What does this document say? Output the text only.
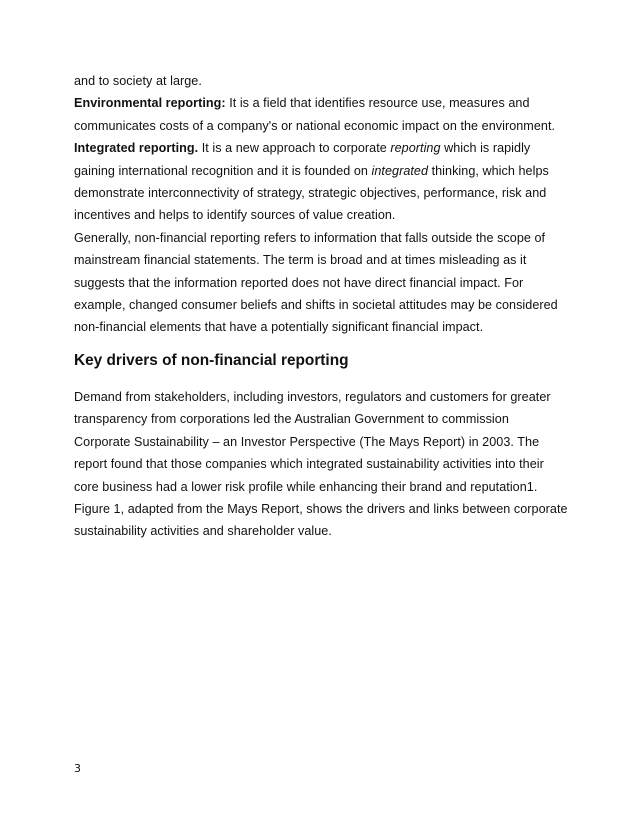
and to society at large.
Environmental reporting: It is a field that identifies resource use, measures and
communicates costs of a company's or national economic impact on the environment.
Integrated reporting. It is a new approach to corporate reporting which is rapidly
gaining international recognition and it is founded on integrated thinking, which helps
demonstrate interconnectivity of strategy, strategic objectives, performance, risk and
incentives and helps to identify sources of value creation.
Generally, non-financial reporting refers to information that falls outside the scope of
mainstream financial statements. The term is broad and at times misleading as it
suggests that the information reported does not have direct financial impact. For
example, changed consumer beliefs and shifts in societal attitudes may be considered
non-financial elements that have a potentially significant financial impact.
Key drivers of non-financial reporting
Demand from stakeholders, including investors, regulators and customers for greater
transparency from corporations led the Australian Government to commission
Corporate Sustainability – an Investor Perspective (The Mays Report) in 2003. The
report found that those companies which integrated sustainability activities into their
core business had a lower risk profile while enhancing their brand and reputation1.
Figure 1, adapted from the Mays Report, shows the drivers and links between corporate
sustainability activities and shareholder value.
3
